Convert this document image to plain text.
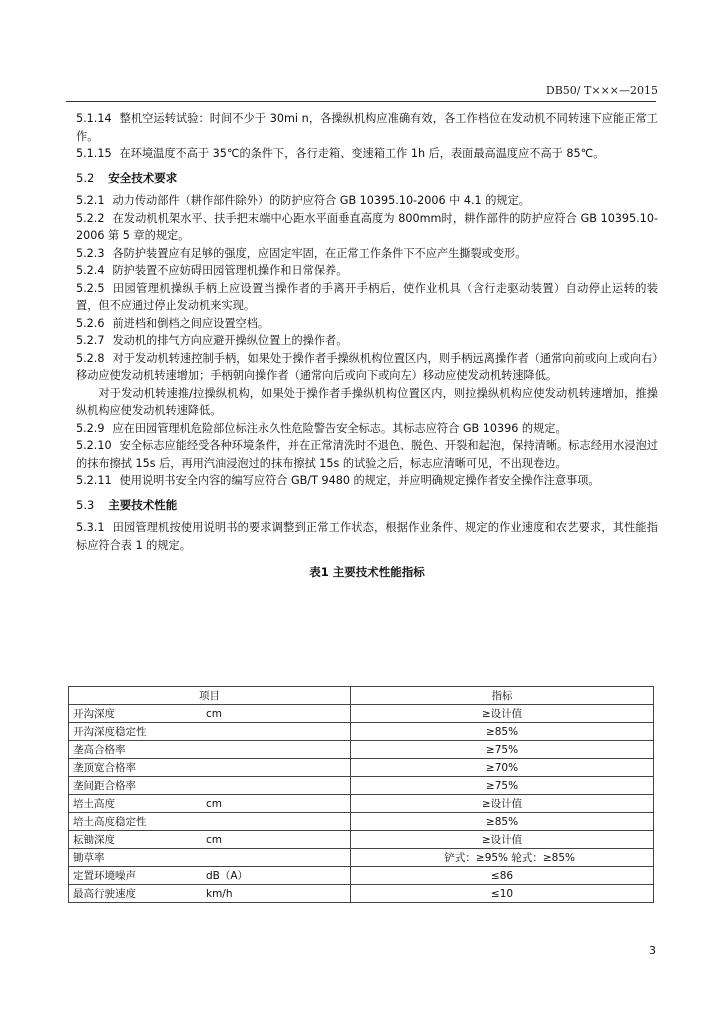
DB50/ T×××—2015

5.1.14 整机空运转试验：时间不少于 30mi n，各操纵机构应准确有效，各工作档位在发动机不同转速下应能正常工作。

5.1.15 在环境温度不高于 35℃的条件下，各行走箱、变速箱工作 1h 后，表面最高温度应不高于 85℃。

5.2 安全技术要求

5.2.1 动力传动部件（耕作部件除外）的防护应符合 GB 10395.10-2006 中 4.1 的规定。

5.2.2 在发动机机架水平、扶手把末端中心距水平面垂直高度为 800mm时，耕作部件的防护应符合 GB 10395.10-2006 第 5 章的规定。

5.2.3 各防护装置应有足够的强度，应固定牢固，在正常工作条件下不应产生撕裂或变形。

5.2.4 防护装置不应妨碍田园管理机操作和日常保养。

5.2.5 田园管理机操纵手柄上应设置当操作者的手离开手柄后，使作业机具（含行走驱动装置）自动停止运转的装置，但不应通过停止发动机来实现。

5.2.6 前进档和倒档之间应设置空档。

5.2.7 发动机的排气方向应避开操纵位置上的操作者。

5.2.8 对于发动机转速控制手柄，如果处于操作者手操纵机构位置区内，则手柄远离操作者（通常向前或向上或向右）移动应使发动机转速增加；手柄朝向操作者（通常向后或向下或向左）移动应使发动机转速降低。

对于发动机转速推/拉操纵机构，如果处于操作者手操纵机构位置区内，则拉操纵机构应使发动机转速增加，推操纵机构应使发动机转速降低。

5.2.9 应在田园管理机危险部位标注永久性危险警告安全标志。其标志应符合 GB 10396 的规定。

5.2.10 安全标志应能经受各种环境条件，并在正常清洗时不退色、脱色、开裂和起泡，保持清晰。标志经用水浸泡过的抹布擦拭 15s 后，再用汽油浸泡过的抹布擦拭 15s 的试验之后，标志应清晰可见，不出现卷边。

5.2.11 使用说明书安全内容的编写应符合 GB/T 9480 的规定，并应明确规定操作者安全操作注意事项。

5.3 主要技术性能

5.3.1 田园管理机按使用说明书的要求调整到正常工作状态，根据作业条件、规定的作业速度和农艺要求，其性能指标应符合表 1 的规定。

表1 主要技术性能指标
项目		指标
开沟深度	cm	≥设计值
开沟深度稳定性		≥85%
垄高合格率		≥75%
垄顶宽合格率		≥70%
垄间距合格率		≥75%
培土高度	cm	≥设计值
培土高度稳定性		≥85%
耘锄深度	cm	≥设计值
锄草率		铲式：≥95% 轮式：≥85%
定置环境噪声	dB（A）	≤86
最高行驶速度	km/h	≤10
3
